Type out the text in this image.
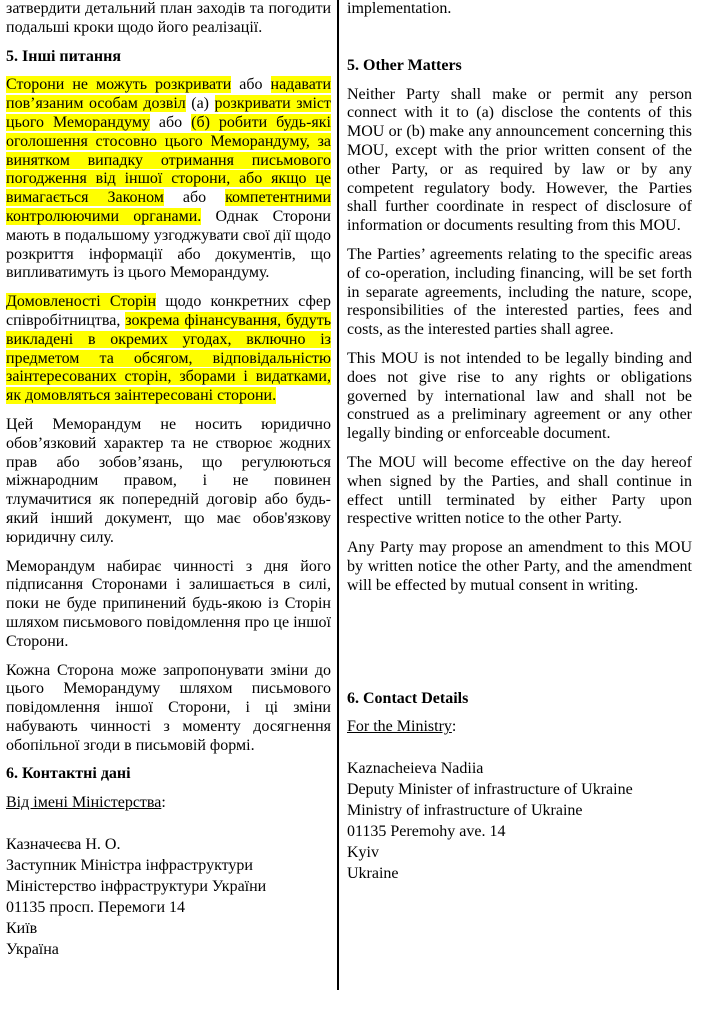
затвердити детальний план заходів та погодити подальші кроки щодо його реалізації.

5. Інші питання

Сторони не можуть розкривати або надавати пов’язаним особам дозвіл (а) розкривати зміст цього Меморандуму або (б) робити будь-які оголошення стосовно цього Меморандуму, за винятком випадку отримання письмового погодження від іншої сторони, або якщо це вимагається Законом або компетентними контролюючими органами. Однак Сторони мають в подальшому узгоджувати свої дії щодо розкриття інформації або документів, що випливатимуть із цього Меморандуму.

Домовленості Сторін щодо конкретних сфер співробітництва, зокрема фінансування, будуть викладені в окремих угодах, включно із предметом та обсягом, відповідальністю заінтересованих сторін, зборами і видатками, як домовляться заінтересовані сторони.

Цей Меморандум не носить юридично обов’язковий характер та не створює жодних прав або зобов’язань, що регулюються міжнародним правом, і не повинен тлумачитися як попередній договір або будь-який інший документ, що має обов'язкову юридичну силу.

Меморандум набирає чинності з дня його підписання Сторонами і залишається в силі, поки не буде припинений будь-якою із Сторін шляхом письмового повідомлення про це іншої Сторони.

Кожна Сторона може запропонувати зміни до цього Меморандуму шляхом письмового повідомлення іншої Сторони, і ці зміни набувають чинності з моменту досягнення обопільної згоди в письмовій формі.

6. Контактні дані
Від імені Міністерства:
Казначеєва Н. О.
Заступник Міністра інфраструктури
Міністерство інфраструктури України
01135 просп. Перемоги 14
Київ
Україна

implementation.

5. Other Matters

Neither Party shall make or permit any person connect with it to (a) disclose the contents of this MOU or (b) make any announcement concerning this MOU, except with the prior written consent of the other Party, or as required by law or by any competent regulatory body. However, the Parties shall further coordinate in respect of disclosure of information or documents resulting from this MOU.

The Parties’ agreements relating to the specific areas of co-operation, including financing, will be set forth in separate agreements, including the nature, scope, responsibilities of the interested parties, fees and costs, as the interested parties shall agree.

This MOU is not intended to be legally binding and does not give rise to any rights or obligations governed by international law and shall not be construed as a preliminary agreement or any other legally binding or enforceable document.

The MOU will become effective on the day hereof when signed by the Parties, and shall continue in effect untill terminated by either Party upon respective written notice to the other Party.

Any Party may propose an amendment to this MOU by written notice the other Party, and the amendment will be effected by mutual consent in writing.

6. Contact Details
For the Ministry:
Kaznacheieva Nadiia
Deputy Minister of infrastructure of Ukraine
Ministry of infrastructure of Ukraine
01135 Peremohy ave. 14
Kyiv
Ukraine
